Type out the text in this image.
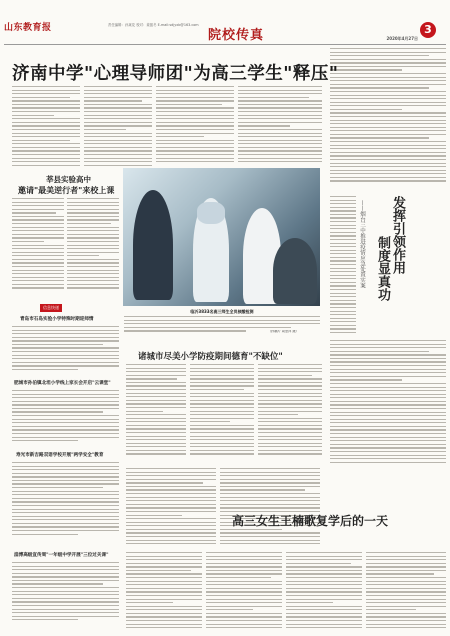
山东教育报	责任编辑：孙莱花 校对：姜振冬 E-mail:sdjyxb@163.com
院校传真	2020年4月27日
3
济南中学"心理导师团"为高三学生"释压"
莘县实验高中
邀请"最美逆行者"来校上课
临沂3833名高三师生全员核酸检测
（孙鹏芹 周爱萍 摄）
发挥引领作用
制度显真功
——烟台三中推进疫情应急处置实案
信息快递
青岛市石岛实验小学特殊时期迎师情
肥城市孙伯镇北坦小学线上家长会开启"云课堂"
寿光市新吉路双语学校开展"两学安全"教育
淄博高级宣传周"一年级中学开展"三位过关课"
诸城市尽美小学防疫期间德育"不缺位"
高三女生王楠歌复学后的一天
